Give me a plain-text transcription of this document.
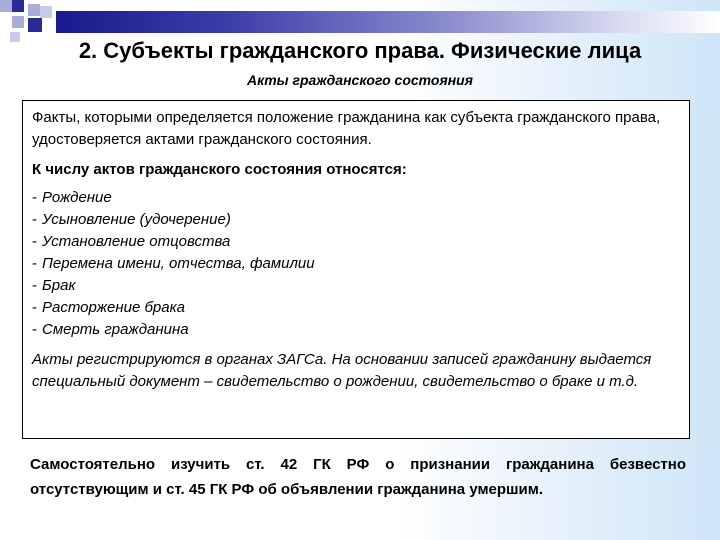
2. Субъекты гражданского права. Физические лица
Акты гражданского состояния

Факты, которыми определяется положение гражданина как субъекта гражданского права, удостоверяется актами гражданского состояния.

К числу актов гражданского состояния относятся:

- Рождение
- Усыновление (удочерение)
- Установление отцовства
- Перемена имени, отчества, фамилии
- Брак
- Расторжение брака
- Смерть гражданина

Акты регистрируются в органах ЗАГСа. На основании записей гражданину выдается специальный документ – свидетельство о рождении, свидетельство о браке и т.д.

Самостоятельно изучить ст. 42 ГК РФ о признании гражданина безвестно отсутствующим и ст. 45 ГК РФ об объявлении гражданина умершим.
